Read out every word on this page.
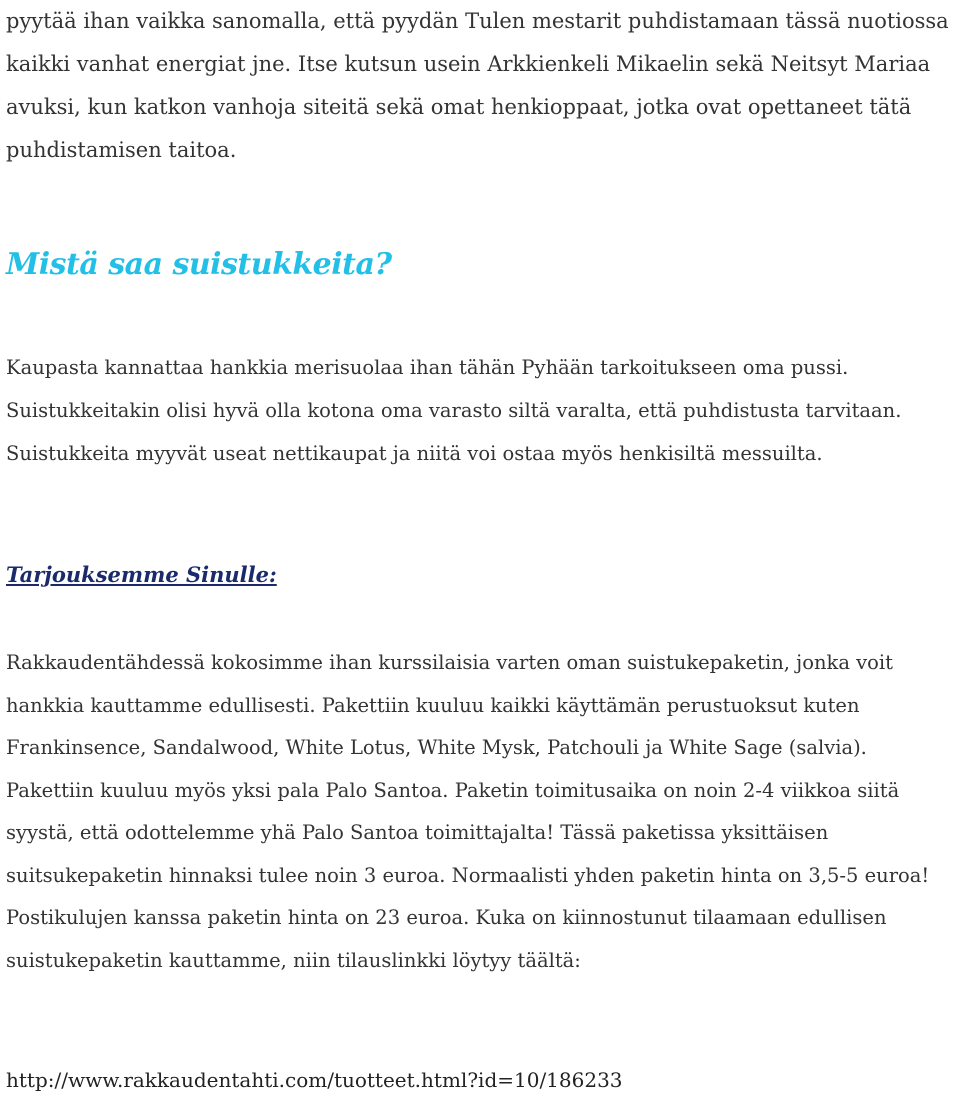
pyytää ihan vaikka sanomalla, että pyydän Tulen mestarit puhdistamaan tässä nuotiossa kaikki vanhat energiat jne. Itse kutsun usein Arkkienkeli Mikaelin sekä Neitsyt Mariaa avuksi, kun katkon vanhoja siteitä sekä omat henkioppaat, jotka ovat opettaneet tätä puhdistamisen taitoa.

Mistä saa suistukkeita?

Kaupasta kannattaa hankkia merisuolaa ihan tähän Pyhään tarkoitukseen oma pussi. Suistukkeitakin olisi hyvä olla kotona oma varasto siltä varalta, että puhdistusta tarvitaan. Suistukkeita myyvät useat nettikaupat ja niitä voi ostaa myös henkisiltä messuilta.

Tarjouksemme Sinulle:

Rakkaudentähdessä kokosimme ihan kurssilaisia varten oman suistukepaketin, jonka voit hankkia kauttamme edullisesti. Pakettiin kuuluu kaikki käyttämän perustuoksut kuten Frankinsence, Sandalwood, White Lotus, White Mysk, Patchouli ja White Sage (salvia). Pakettiin kuuluu myös yksi pala Palo Santoa. Paketin toimitusaika on noin 2-4 viikkoa siitä syystä, että odottelemme yhä Palo Santoa toimittajalta! Tässä paketissa yksittäisen suitsukepaketin hinnaksi tulee noin 3 euroa. Normaalisti yhden paketin hinta on 3,5-5 euroa! Postikulujen kanssa paketin hinta on 23 euroa. Kuka on kiinnostunut tilaamaan edullisen suistukepaketin kauttamme, niin tilauslinkki löytyy täältä:

http://www.rakkaudentahti.com/tuotteet.html?id=10/186233
